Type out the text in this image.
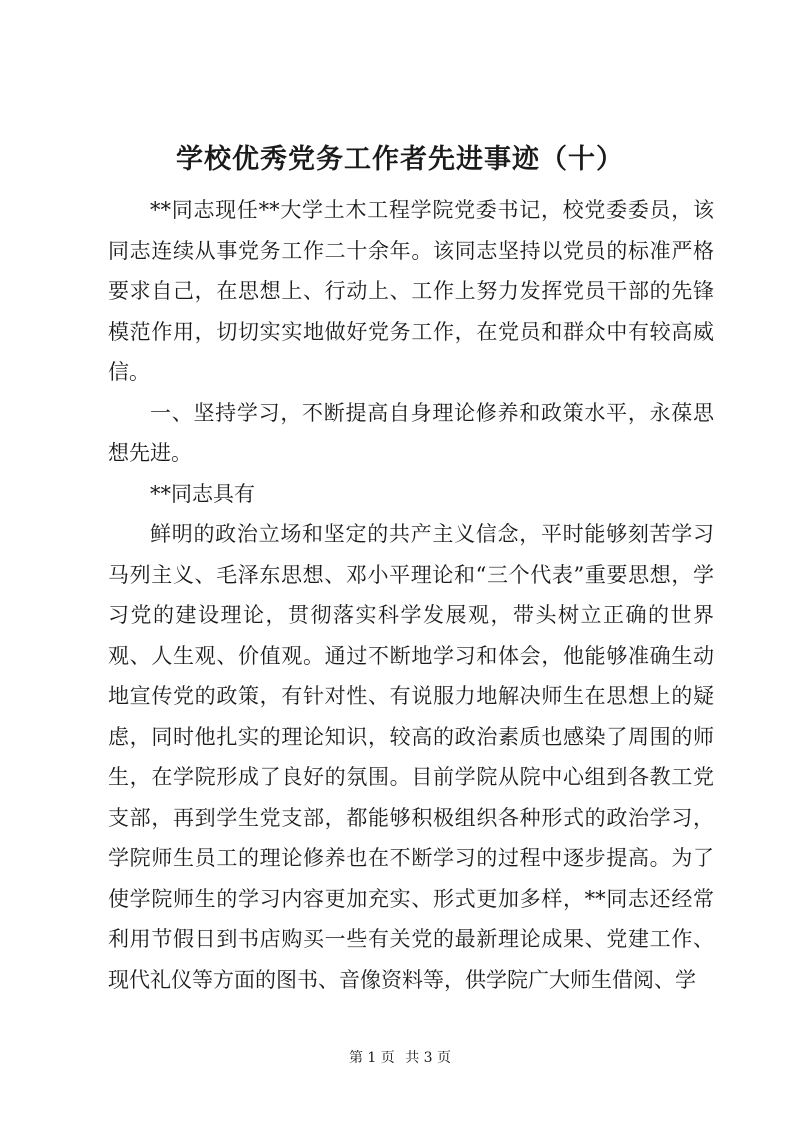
学校优秀党务工作者先进事迹（十）

**同志现任**大学土木工程学院党委书记，校党委委员，该同志连续从事党务工作二十余年。该同志坚持以党员的标准严格要求自己，在思想上、行动上、工作上努力发挥党员干部的先锋模范作用，切切实实地做好党务工作，在党员和群众中有较高威信。

一、坚持学习，不断提高自身理论修养和政策水平，永葆思想先进。

**同志具有

鲜明的政治立场和坚定的共产主义信念，平时能够刻苦学习马列主义、毛泽东思想、邓小平理论和“三个代表”重要思想，学习党的建设理论，贯彻落实科学发展观，带头树立正确的世界观、人生观、价值观。通过不断地学习和体会，他能够准确生动地宣传党的政策，有针对性、有说服力地解决师生在思想上的疑虑，同时他扎实的理论知识，较高的政治素质也感染了周围的师生，在学院形成了良好的氛围。目前学院从院中心组到各教工党支部，再到学生党支部，都能够积极组织各种形式的政治学习，学院师生员工的理论修养也在不断学习的过程中逐步提高。为了使学院师生的学习内容更加充实、形式更加多样，**同志还经常利用节假日到书店购买一些有关党的最新理论成果、党建工作、现代礼仪等方面的图书、音像资料等，供学院广大师生借阅、学

第 1 页 共 3 页
